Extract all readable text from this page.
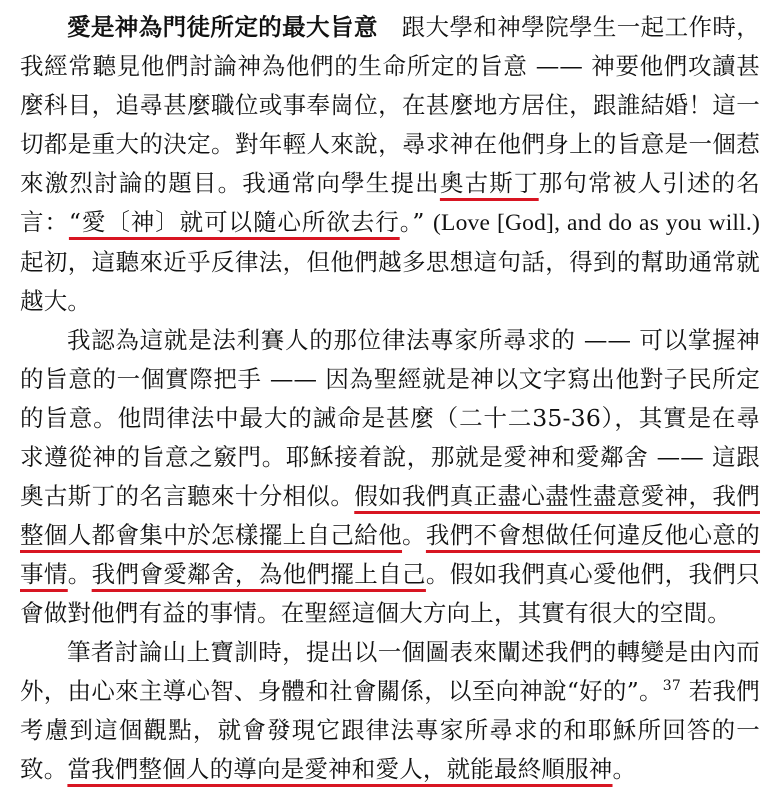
愛是神為門徒所定的最大旨意　跟大學和神學院學生一起工作時，我經常聽見他們討論神為他們的生命所定的旨意 —— 神要他們攻讀甚麼科目，追尋甚麼職位或事奉崗位，在甚麼地方居住，跟誰結婚！這一切都是重大的決定。對年輕人來說，尋求神在他們身上的旨意是一個惹來激烈討論的題目。我通常向學生提出奧古斯丁那句常被人引述的名言：“愛〔神〕就可以隨心所欲去行。” (Love [God], and do as you will.)起初，這聽來近乎反律法，但他們越多思想這句話，得到的幫助通常就越大。

我認為這就是法利賽人的那位律法專家所尋求的 —— 可以掌握神的旨意的一個實際把手 —— 因為聖經就是神以文字寫出他對子民所定的旨意。他問律法中最大的誡命是甚麼（二十二35-36），其實是在尋求遵從神的旨意之竅門。耶穌接着說，那就是愛神和愛鄰舍 —— 這跟奧古斯丁的名言聽來十分相似。假如我們真正盡心盡性盡意愛神，我們整個人都會集中於怎樣擺上自己給他。我們不會想做任何違反他心意的事情。我們會愛鄰舍，為他們擺上自己。假如我們真心愛他們，我們只會做對他們有益的事情。在聖經這個大方向上，其實有很大的空間。

筆者討論山上寶訓時，提出以一個圖表來闡述我們的轉變是由內而外，由心來主導心智、身體和社會關係，以至向神說“好的”。$^{37}$ 若我們考慮到這個觀點，就會發現它跟律法專家所尋求的和耶穌所回答的一致。當我們整個人的導向是愛神和愛人，就能最終順服神。
